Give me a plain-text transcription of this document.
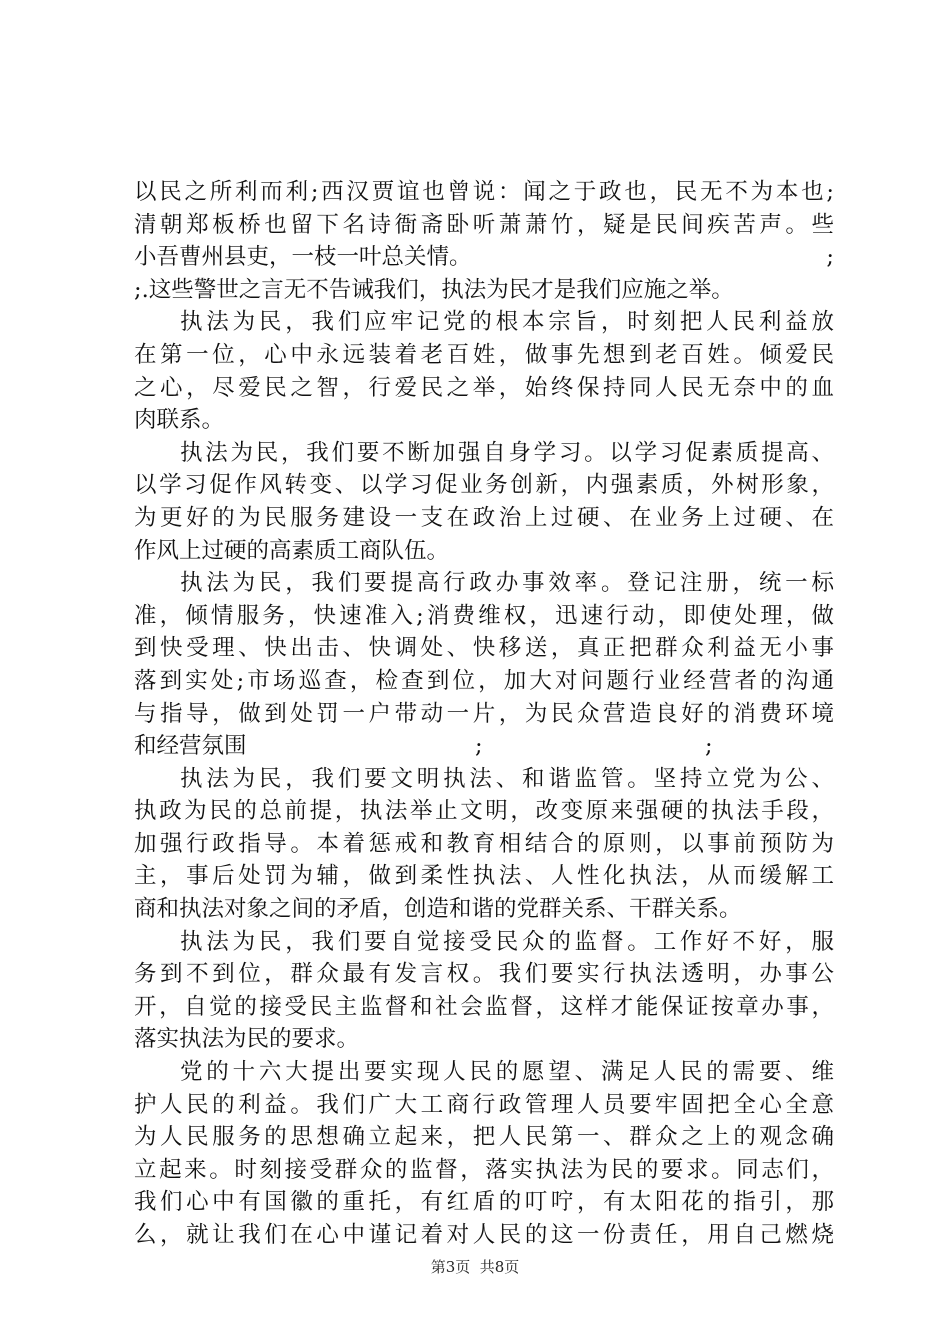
以民之所利而利;西汉贾谊也曾说：闻之于政也，民无不为本也;
清朝郑板桥也留下名诗衙斋卧听萧萧竹，疑是民间疾苦声。些
小吾曹州县吏，一枝一叶总关情。	;
;.这些警世之言无不告诫我们，执法为民才是我们应施之举。
执法为民，我们应牢记党的根本宗旨，时刻把人民利益放
在第一位，心中永远装着老百姓，做事先想到老百姓。倾爱民
之心，尽爱民之智，行爱民之举，始终保持同人民无奈中的血
肉联系。
执法为民，我们要不断加强自身学习。以学习促素质提高、
以学习促作风转变、以学习促业务创新，内强素质，外树形象，
为更好的为民服务建设一支在政治上过硬、在业务上过硬、在
作风上过硬的高素质工商队伍。
执法为民，我们要提高行政办事效率。登记注册，统一标
准，倾情服务，快速准入;消费维权，迅速行动，即使处理，做
到快受理、快出击、快调处、快移送，真正把群众利益无小事
落到实处;市场巡查，检查到位，加大对问题行业经营者的沟通
与指导，做到处罚一户带动一片，为民众营造良好的消费环境
和经营氛围	;	;
执法为民，我们要文明执法、和谐监管。坚持立党为公、
执政为民的总前提，执法举止文明，改变原来强硬的执法手段，
加强行政指导。本着惩戒和教育相结合的原则，以事前预防为
主，事后处罚为辅，做到柔性执法、人性化执法，从而缓解工
商和执法对象之间的矛盾，创造和谐的党群关系、干群关系。
执法为民，我们要自觉接受民众的监督。工作好不好，服
务到不到位，群众最有发言权。我们要实行执法透明，办事公
开，自觉的接受民主监督和社会监督，这样才能保证按章办事，
落实执法为民的要求。
党的十六大提出要实现人民的愿望、满足人民的需要、维
护人民的利益。我们广大工商行政管理人员要牢固把全心全意
为人民服务的思想确立起来，把人民第一、群众之上的观念确
立起来。时刻接受群众的监督，落实执法为民的要求。同志们，
我们心中有国徽的重托，有红盾的叮咛，有太阳花的指引，那
么，就让我们在心中谨记着对人民的这一份责任，用自己燃烧
第3页  共8页
